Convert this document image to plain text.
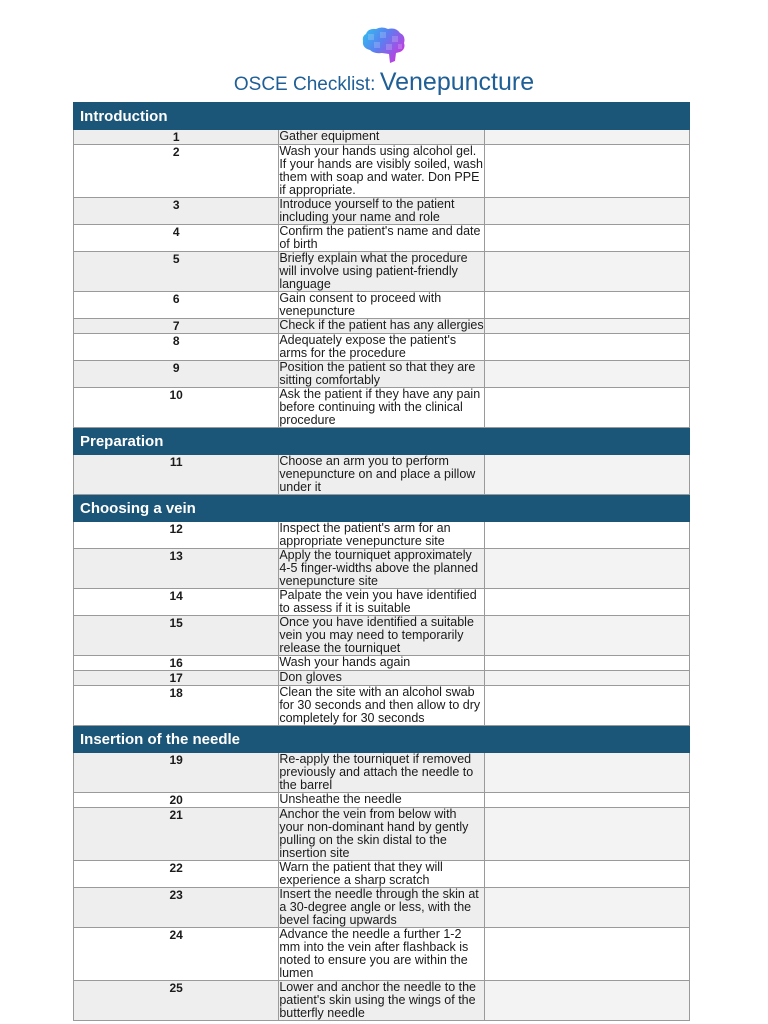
OSCE Checklist: Venepuncture
Introduction		
1	Gather equipment	
2	Wash your hands using alcohol gel. If your hands are visibly soiled, wash them with soap and water. Don PPE if appropriate.	
3	Introduce yourself to the patient including your name and role	
4	Confirm the patient's name and date of birth	
5	Briefly explain what the procedure will involve using patient-friendly language	
6	Gain consent to proceed with venepuncture	
7	Check if the patient has any allergies	
8	Adequately expose the patient's arms for the procedure	
9	Position the patient so that they are sitting comfortably	
10	Ask the patient if they have any pain before continuing with the clinical procedure	
Preparation		
11	Choose an arm you to perform venepuncture on and place a pillow under it	
Choosing a vein		
12	Inspect the patient's arm for an appropriate venepuncture site	
13	Apply the tourniquet approximately 4-5 finger-widths above the planned venepuncture site	
14	Palpate the vein you have identified to assess if it is suitable	
15	Once you have identified a suitable vein you may need to temporarily release the tourniquet	
16	Wash your hands again	
17	Don gloves	
18	Clean the site with an alcohol swab for 30 seconds and then allow to dry completely for 30 seconds	
Insertion of the needle		
19	Re-apply the tourniquet if removed previously and attach the needle to the barrel	
20	Unsheathe the needle	
21	Anchor the vein from below with your non-dominant hand by gently pulling on the skin distal to the insertion site	
22	Warn the patient that they will experience a sharp scratch	
23	Insert the needle through the skin at a 30-degree angle or less, with the bevel facing upwards	
24	Advance the needle a further 1-2 mm into the vein after flashback is noted to ensure you are within the lumen	
25	Lower and anchor the needle to the patient's skin using the wings of the butterfly needle	
